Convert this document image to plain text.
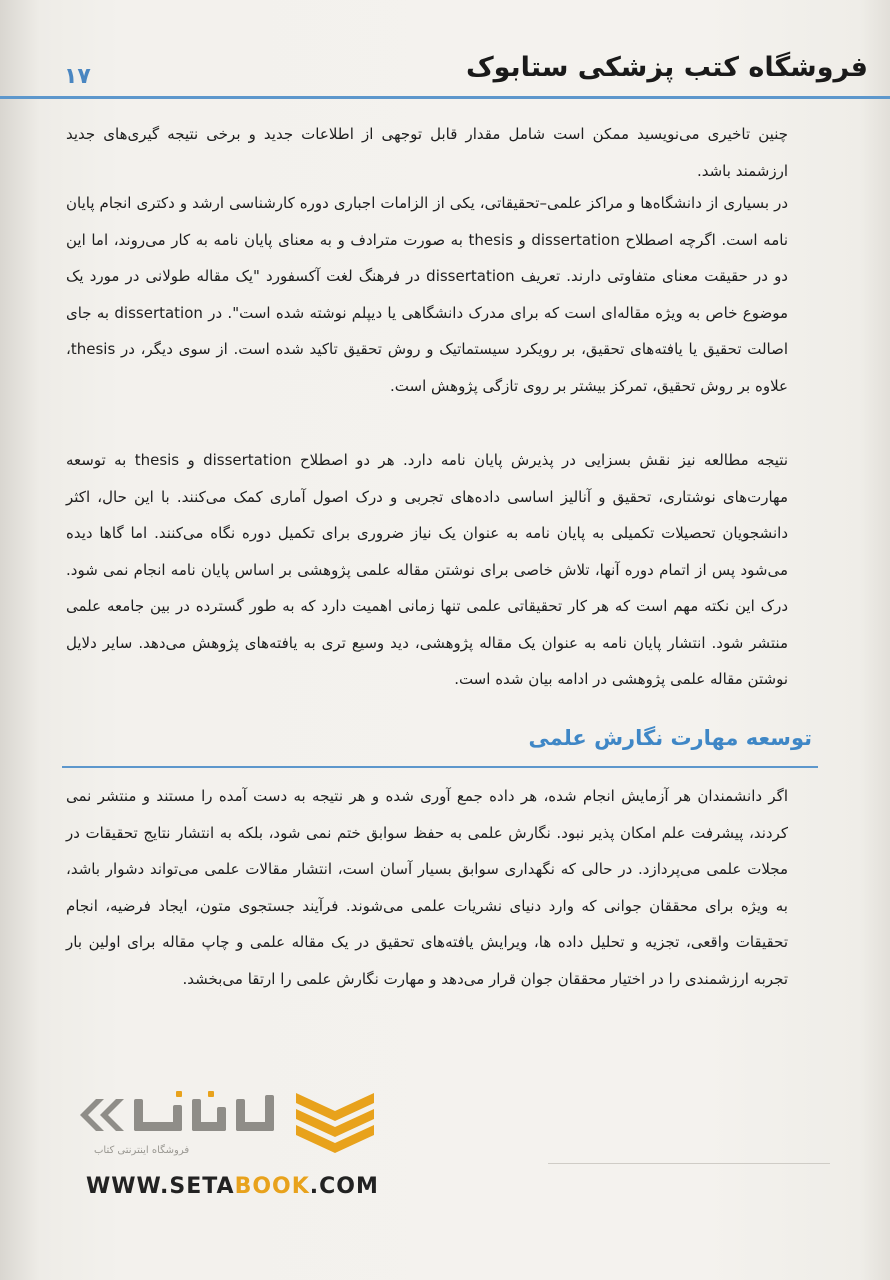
فروشگاه کتب پزشکی ستابوک
۱۷

چنین تاخیری می‌نویسید ممکن است شامل مقدار قابل توجهی از اطلاعات جدید و برخی نتیجه گیری‌های جدید ارزشمند باشد.

در بسیاری از دانشگاه‌ها و مراکز علمی–تحقیقاتی، یکی از الزامات اجباری دوره کارشناسی ارشد و دکتری انجام پایان نامه است. اگرچه اصطلاح dissertation و thesis به صورت مترادف و به معنای پایان نامه به کار می‌روند، اما این دو در حقیقت معنای متفاوتی دارند. تعریف dissertation در فرهنگ لغت آکسفورد "یک مقاله طولانی در مورد یک موضوع خاص به ویژه مقاله‌ای است که برای مدرک دانشگاهی یا دیپلم نوشته شده است". در dissertation به جای اصالت تحقیق یا یافته‌های تحقیق، بر رویکرد سیستماتیک و روش تحقیق تاکید شده است. از سوی دیگر، در thesis، علاوه بر روش تحقیق، تمرکز بیشتر بر روی تازگی پژوهش است.

نتیجه مطالعه نیز نقش بسزایی در پذیرش پایان نامه دارد. هر دو اصطلاح dissertation و thesis به توسعه مهارت‌های نوشتاری، تحقیق و آنالیز اساسی داده‌های تجربی و درک اصول آماری کمک می‌کنند. با این حال، اکثر دانشجویان تحصیلات تکمیلی به پایان نامه به عنوان یک نیاز ضروری برای تکمیل دوره نگاه می‌کنند. اما گاها دیده می‌شود پس از اتمام دوره آنها، تلاش خاصی برای نوشتن مقاله علمی پژوهشی بر اساس پایان نامه انجام نمی شود. درک این نکته مهم است که هر کار تحقیقاتی علمی تنها زمانی اهمیت دارد که به طور گسترده در بین جامعه علمی منتشر شود. انتشار پایان نامه به عنوان یک مقاله پژوهشی، دید وسیع تری به یافته‌های پژوهش می‌دهد. سایر دلایل نوشتن مقاله علمی پژوهشی در ادامه بیان شده است.

توسعه مهارت نگارش علمی

اگر دانشمندان هر آزمایش انجام شده، هر داده جمع آوری شده و هر نتیجه به دست آمده را مستند و منتشر نمی کردند، پیشرفت علم امکان پذیر نبود. نگارش علمی به حفظ سوابق ختم نمی شود، بلکه به انتشار نتایج تحقیقات در مجلات علمی می‌پردازد. در حالی که نگهداری سوابق بسیار آسان است، انتشار مقالات علمی می‌تواند دشوار باشد، به ویژه برای محققان جوانی که وارد دنیای نشریات علمی می‌شوند. فرآیند جستجوی متون، ایجاد فرضیه، انجام تحقیقات واقعی، تجزیه و تحلیل داده ها، ویرایش یافته‌های تحقیق در یک مقاله علمی و چاپ مقاله برای اولین بار تجربه ارزشمندی را در اختیار محققان جوان قرار می‌دهد و مهارت نگارش علمی را ارتقا می‌بخشد.

فروشگاه اینترنتی کتاب
WWW.SETABOOK.COM
